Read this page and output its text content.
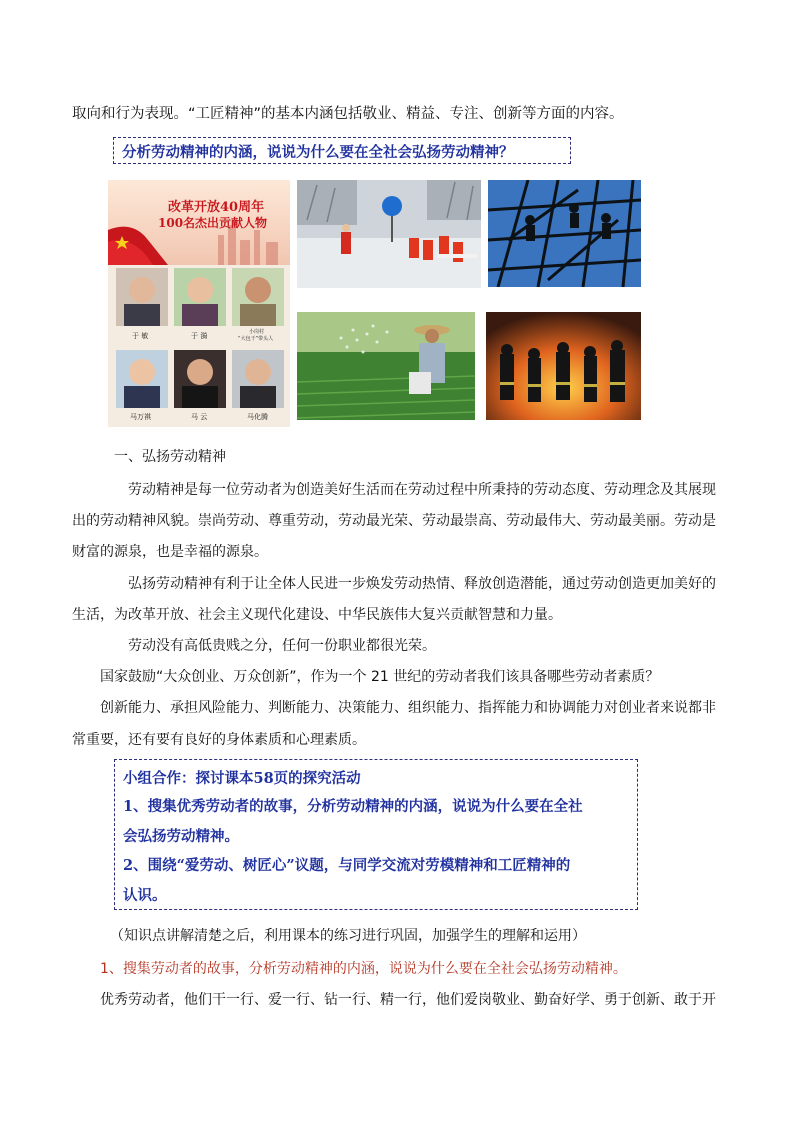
取向和行为表现。“工匠精神”的基本内涵包括敬业、精益、专注、创新等方面的内容。
分析劳动精神的内涵，说说为什么要在全社会弘扬劳动精神？
改革开放40周年
100名杰出贡献人物
于 敏	于 漪	小岗村
“大包干”带头人
马万祺	马 云	马化腾
一、弘扬劳动精神
劳动精神是每一位劳动者为创造美好生活而在劳动过程中所秉持的劳动态度、劳动理念及其展现
出的劳动精神风貌。崇尚劳动、尊重劳动，劳动最光荣、劳动最崇高、劳动最伟大、劳动最美丽。劳动是
财富的源泉，也是幸福的源泉。
弘扬劳动精神有利于让全体人民进一步焕发劳动热情、释放创造潜能，通过劳动创造更加美好的
生活，为改革开放、社会主义现代化建设、中华民族伟大复兴贡献智慧和力量。
劳动没有高低贵贱之分，任何一份职业都很光荣。
国家鼓励“大众创业、万众创新”，作为一个 21 世纪的劳动者我们该具备哪些劳动者素质？
创新能力、承担风险能力、判断能力、决策能力、组织能力、指挥能力和协调能力对创业者来说都非
常重要，还有要有良好的身体素质和心理素质。
小组合作：探讨课本58页的探究活动
1、搜集优秀劳动者的故事，分析劳动精神的内涵，说说为什么要在全社
会弘扬劳动精神。
2、围绕“爱劳动、树匠心”议题，与同学交流对劳模精神和工匠精神的
认识。
（知识点讲解清楚之后，利用课本的练习进行巩固，加强学生的理解和运用）
1、搜集劳动者的故事，分析劳动精神的内涵，说说为什么要在全社会弘扬劳动精神。
优秀劳动者，他们干一行、爱一行、钻一行、精一行，他们爱岗敬业、勤奋好学、勇于创新、敢于开
